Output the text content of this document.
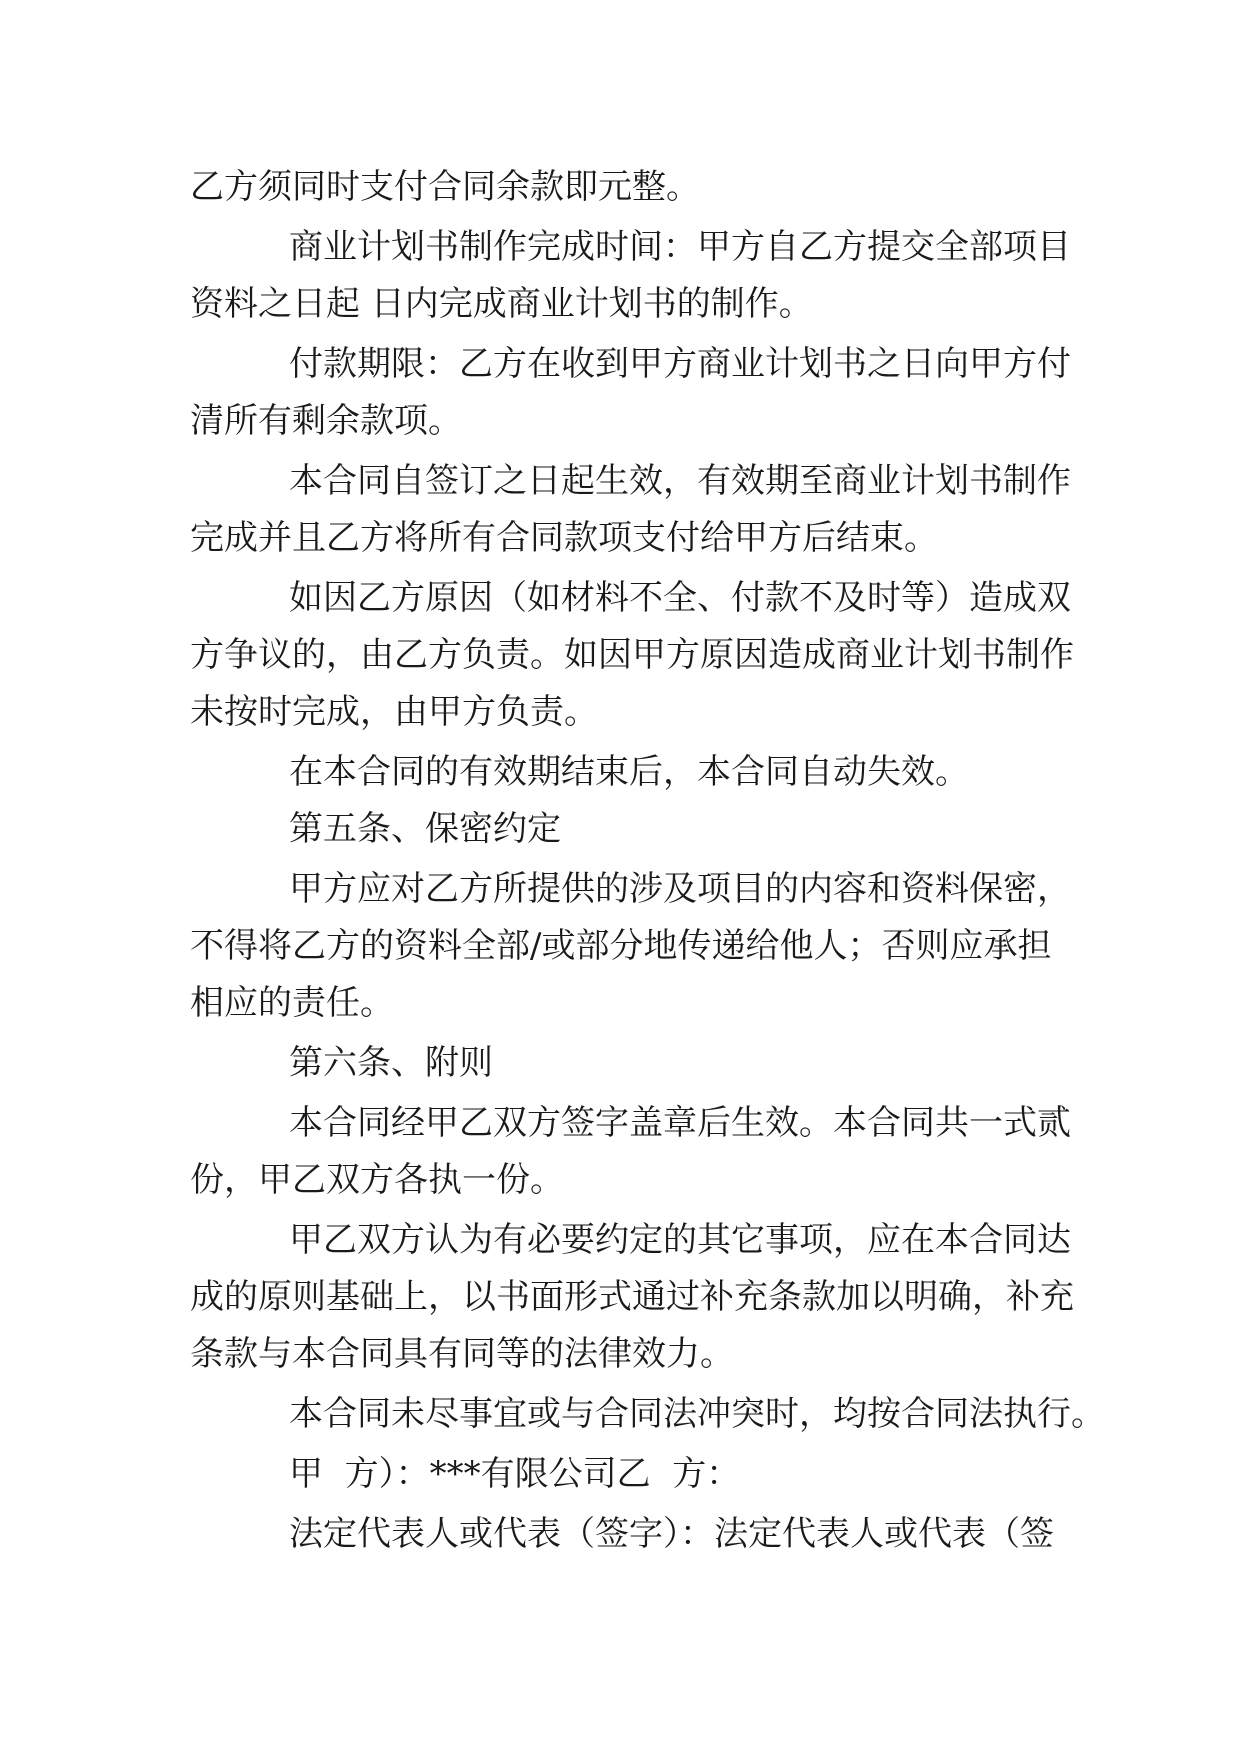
乙方须同时支付合同余款即元整。
商业计划书制作完成时间：甲方自乙方提交全部项目
资料之日起 日内完成商业计划书的制作。
付款期限：乙方在收到甲方商业计划书之日向甲方付
清所有剩余款项。
本合同自签订之日起生效，有效期至商业计划书制作
完成并且乙方将所有合同款项支付给甲方后结束。
如因乙方原因（如材料不全、付款不及时等）造成双
方争议的，由乙方负责。如因甲方原因造成商业计划书制作
未按时完成，由甲方负责。
在本合同的有效期结束后，本合同自动失效。
第五条、保密约定
甲方应对乙方所提供的涉及项目的内容和资料保密，
不得将乙方的资料全部/或部分地传递给他人；否则应承担
相应的责任。
第六条、附则
本合同经甲乙双方签字盖章后生效。本合同共一式贰
份，甲乙双方各执一份。
甲乙双方认为有必要约定的其它事项，应在本合同达
成的原则基础上，以书面形式通过补充条款加以明确，补充
条款与本合同具有同等的法律效力。
本合同未尽事宜或与合同法冲突时，均按合同法执行。
甲  方）：***有限公司乙  方：
法定代表人或代表（签字）：法定代表人或代表（签
